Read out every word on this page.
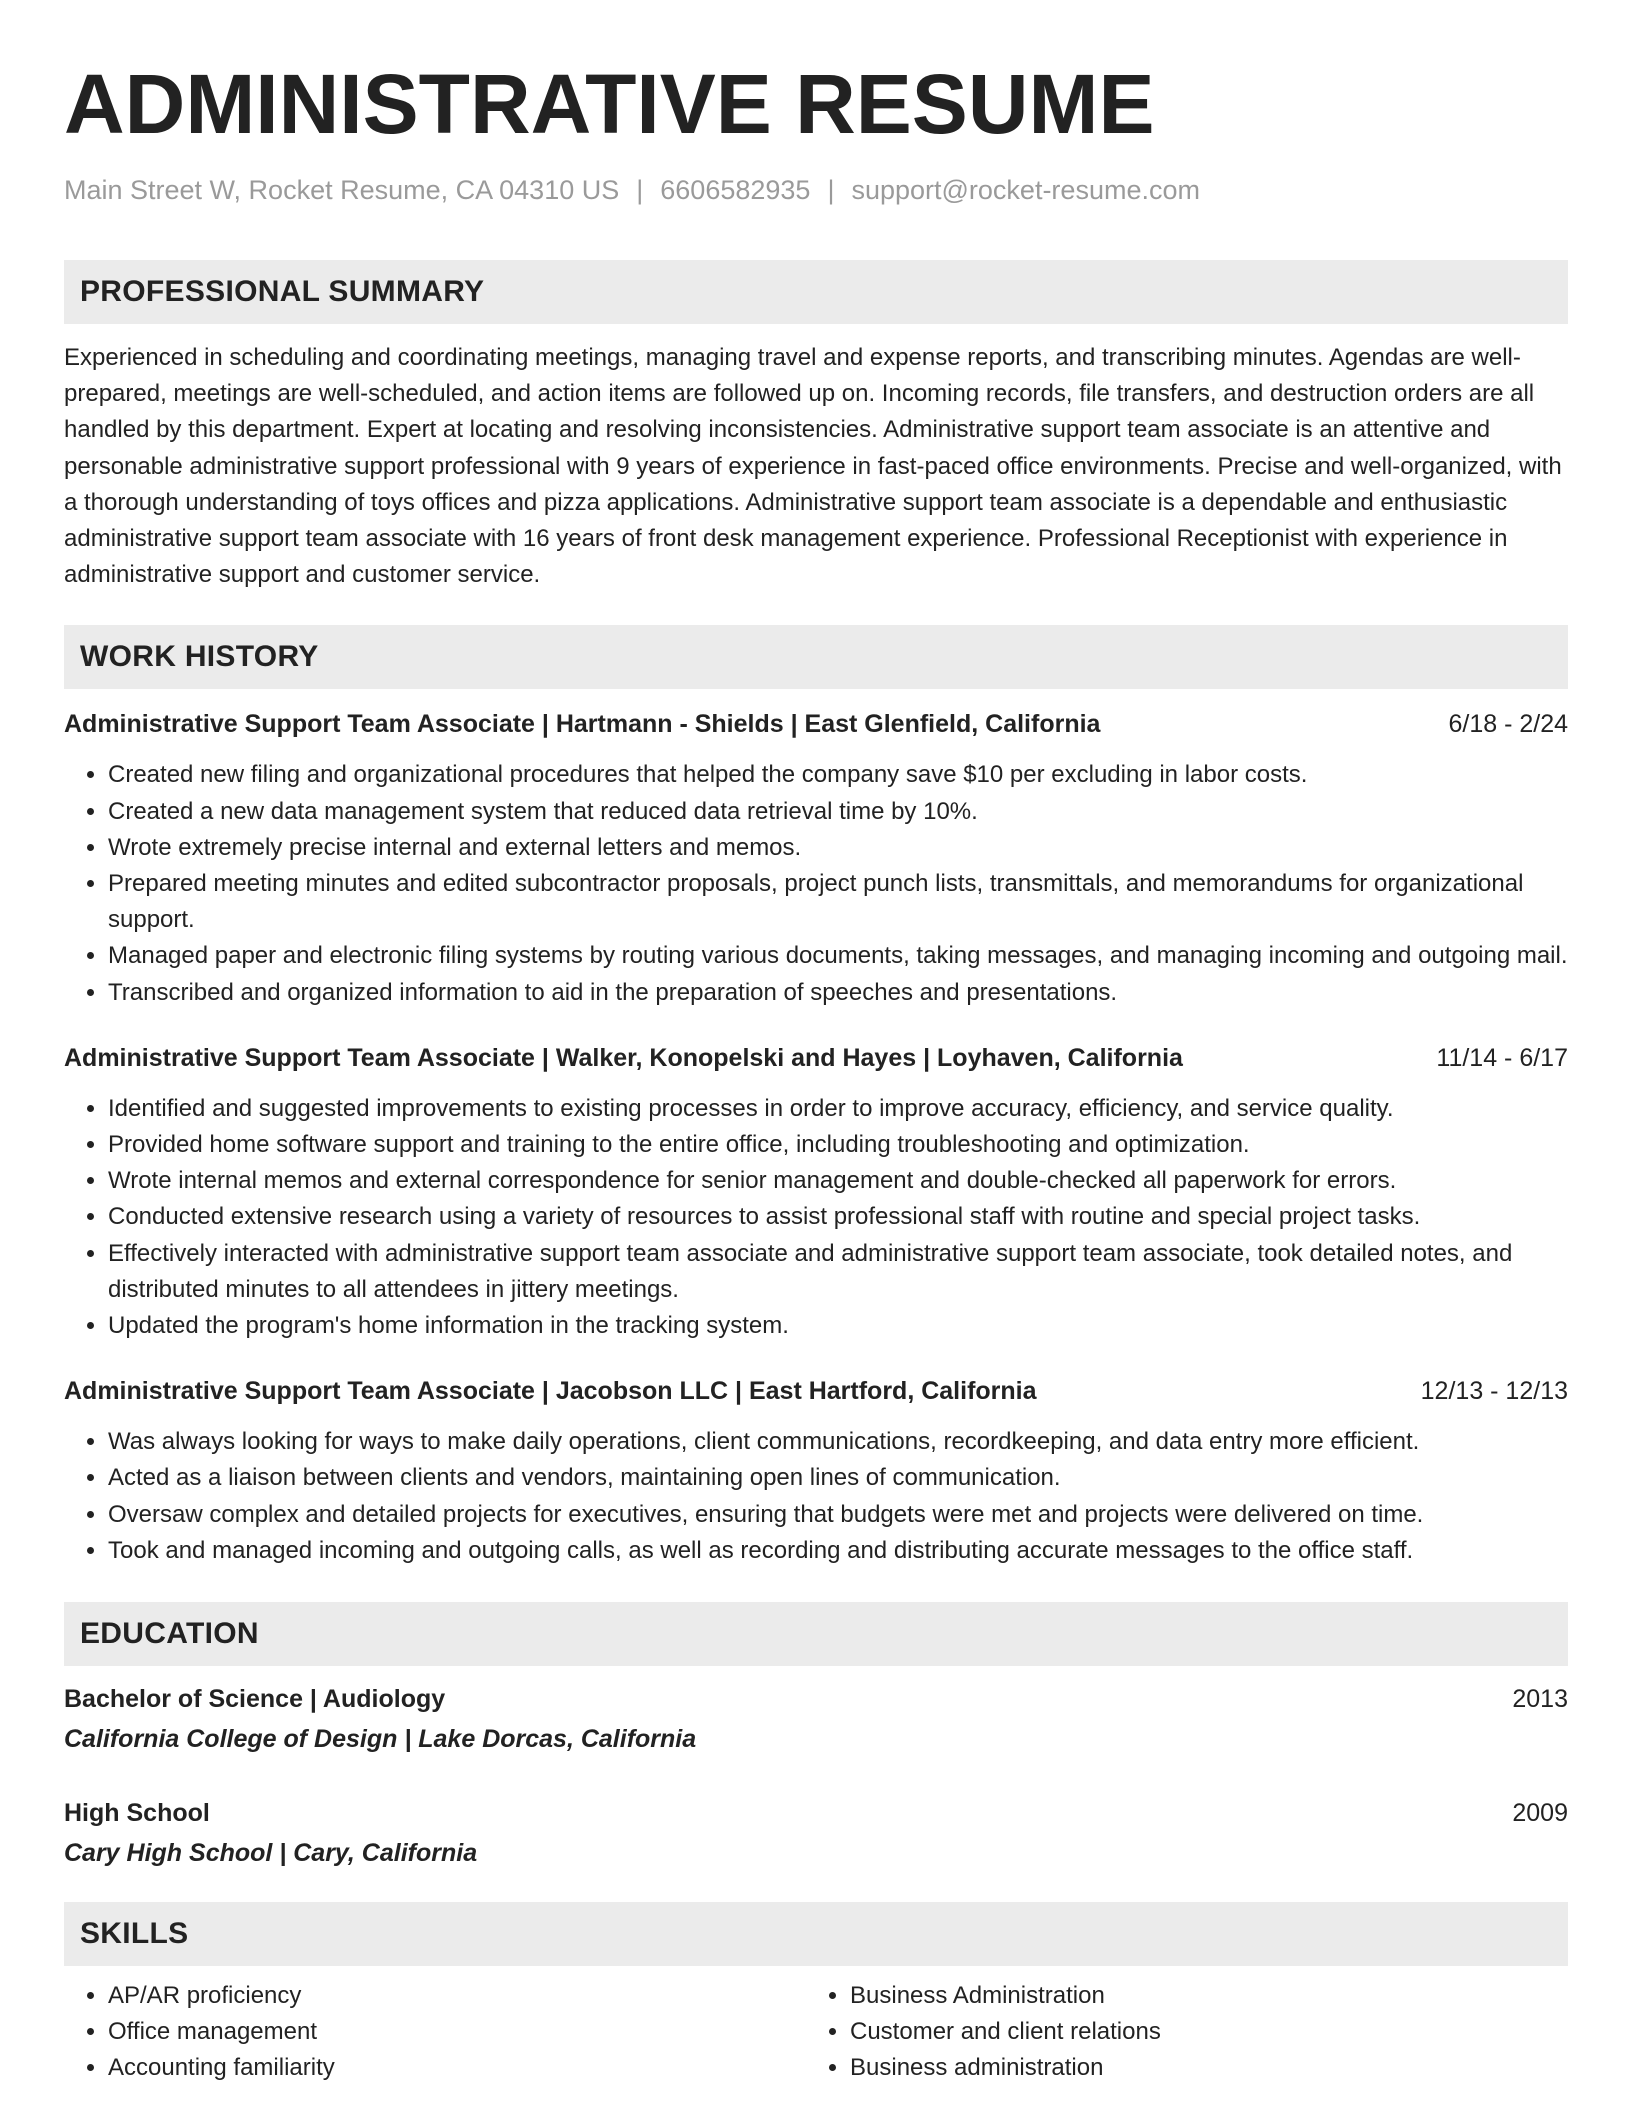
ADMINISTRATIVE RESUME
Main Street W, Rocket Resume, CA 04310 US | 6606582935 | support@rocket-resume.com
PROFESSIONAL SUMMARY
Experienced in scheduling and coordinating meetings, managing travel and expense reports, and transcribing minutes. Agendas are well-prepared, meetings are well-scheduled, and action items are followed up on. Incoming records, file transfers, and destruction orders are all handled by this department. Expert at locating and resolving inconsistencies. Administrative support team associate is an attentive and personable administrative support professional with 9 years of experience in fast-paced office environments. Precise and well-organized, with a thorough understanding of toys offices and pizza applications. Administrative support team associate is a dependable and enthusiastic administrative support team associate with 16 years of front desk management experience. Professional Receptionist with experience in administrative support and customer service.
WORK HISTORY
Administrative Support Team Associate | Hartmann - Shields | East Glenfield, California	6/18 - 2/24
• Created new filing and organizational procedures that helped the company save $10 per excluding in labor costs.
• Created a new data management system that reduced data retrieval time by 10%.
• Wrote extremely precise internal and external letters and memos.
• Prepared meeting minutes and edited subcontractor proposals, project punch lists, transmittals, and memorandums for organizational support.
• Managed paper and electronic filing systems by routing various documents, taking messages, and managing incoming and outgoing mail.
• Transcribed and organized information to aid in the preparation of speeches and presentations.
Administrative Support Team Associate | Walker, Konopelski and Hayes | Loyhaven, California	11/14 - 6/17
• Identified and suggested improvements to existing processes in order to improve accuracy, efficiency, and service quality.
• Provided home software support and training to the entire office, including troubleshooting and optimization.
• Wrote internal memos and external correspondence for senior management and double-checked all paperwork for errors.
• Conducted extensive research using a variety of resources to assist professional staff with routine and special project tasks.
• Effectively interacted with administrative support team associate and administrative support team associate, took detailed notes, and distributed minutes to all attendees in jittery meetings.
• Updated the program's home information in the tracking system.
Administrative Support Team Associate | Jacobson LLC | East Hartford, California	12/13 - 12/13
• Was always looking for ways to make daily operations, client communications, recordkeeping, and data entry more efficient.
• Acted as a liaison between clients and vendors, maintaining open lines of communication.
• Oversaw complex and detailed projects for executives, ensuring that budgets were met and projects were delivered on time.
• Took and managed incoming and outgoing calls, as well as recording and distributing accurate messages to the office staff.
EDUCATION
Bachelor of Science | Audiology	2013
California College of Design | Lake Dorcas, California
High School	2009
Cary High School | Cary, California
SKILLS
• AP/AR proficiency
• Office management
• Accounting familiarity
• Business Administration
• Customer and client relations
• Business administration
